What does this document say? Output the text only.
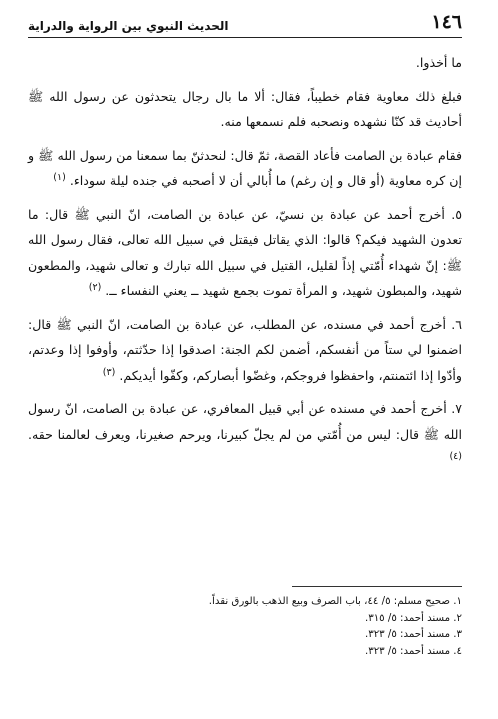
١٤٦
الحديث النبوي بين الرواية والدراية

ما أخذوا.

فبلغ ذلك معاوية فقام خطيباً، فقال: ألا ما بال رجال يتحدثون عن رسول الله ﷺ أحاديث قد كنّا نشهده ونصحبه فلم نسمعها منه.

فقام عبادة بن الصامت فأعاد القصة، ثمّ قال: لنحدثنّ بما سمعنا من رسول الله ﷺ و إن كره معاوية (أو قال و إن رغم) ما أُبالي أن لا أصحبه في جنده ليلة سوداء. $^{(١)}$

٥. أخرج أحمد عن عبادة بن نسيّ، عن عبادة بن الصامت، انّ النبي ﷺ قال: ما تعدون الشهيد فيكم؟ قالوا: الذي يقاتل فيقتل في سبيل الله تعالى، فقال رسول الله ﷺ: إنّ شهداء أُمّتي إذاً لقليل، القتيل في سبيل الله تبارك و تعالى شهيد، والمطعون شهيد، والمبطون شهيد، و المرأة تموت بجمع شهيد ــ يعني النفساء ــ. $^{(٢)}$

٦. أخرج أحمد في مسنده، عن المطلب، عن عبادة بن الصامت، انّ النبي ﷺ قال: اضمنوا لي ستاً من أنفسكم، أضمن لكم الجنة: اصدقوا إذا حدّثتم، وأوفوا إذا وعدتم، وأدّوا إذا ائتمنتم، واحفظوا فروجكم، وغضّوا أبصاركم، وكفّوا أيديكم. $^{(٣)}$

٧. أخرج أحمد في مسنده عن أبي قبيل المعافري، عن عبادة بن الصامت، انّ رسول الله ﷺ قال: ليس من أُمّتي من لم يجلّ كبيرنا، ويرحم صغيرنا، ويعرف لعالمنا حقه. $^{(٤)}$

١. صحيح مسلم: ٥/ ٤٤، باب الصرف وبيع الذهب بالورق نقداً.
٢. مسند أحمد: ٥/ ٣١٥.
٣. مسند أحمد: ٥/ ٣٢٣.
٤. مسند أحمد: ٥/ ٣٢٣.
